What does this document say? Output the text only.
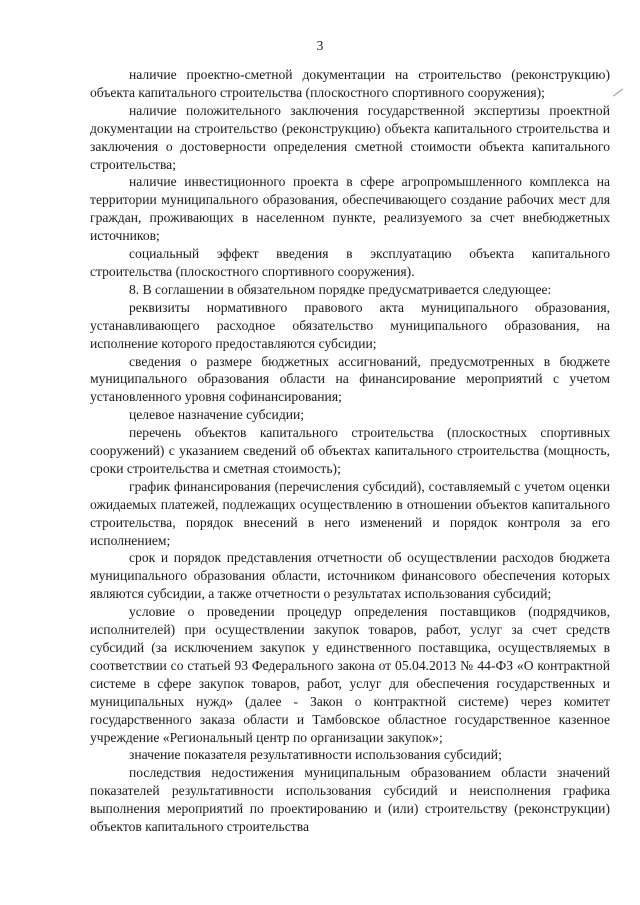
3

наличие проектно-сметной документации на строительство (реконструкцию) объекта капитального строительства (плоскостного спортивного сооружения);

наличие положительного заключения государственной экспертизы проектной документации на строительство (реконструкцию) объекта капитального строительства и заключения о достоверности определения сметной стоимости объекта капитального строительства;

наличие инвестиционного проекта в сфере агропромышленного комплекса на территории муниципального образования, обеспечивающего создание рабочих мест для граждан, проживающих в населенном пункте, реализуемого за счет внебюджетных источников;

социальный эффект введения в эксплуатацию объекта капитального строительства (плоскостного спортивного сооружения).

8. В соглашении в обязательном порядке предусматривается следующее:

реквизиты нормативного правового акта муниципального образования, устанавливающего расходное обязательство муниципального образования, на исполнение которого предоставляются субсидии;

сведения о размере бюджетных ассигнований, предусмотренных в бюджете муниципального образования области на финансирование мероприятий с учетом установленного уровня софинансирования;

целевое назначение субсидии;

перечень объектов капитального строительства (плоскостных спортивных сооружений) с указанием сведений об объектах капитального строительства (мощность, сроки строительства и сметная стоимость);

график финансирования (перечисления субсидий), составляемый с учетом оценки ожидаемых платежей, подлежащих осуществлению в отношении объектов капитального строительства, порядок внесений в него изменений и порядок контроля за его исполнением;

срок и порядок представления отчетности об осуществлении расходов бюджета муниципального образования области, источником финансового обеспечения которых являются субсидии, а также отчетности о результатах использования субсидий;

условие о проведении процедур определения поставщиков (подрядчиков, исполнителей) при осуществлении закупок товаров, работ, услуг за счет средств субсидий (за исключением закупок у единственного поставщика, осуществляемых в соответствии со статьей 93 Федерального закона от 05.04.2013 № 44-ФЗ «О контрактной системе в сфере закупок товаров, работ, услуг для обеспечения государственных и муниципальных нужд» (далее - Закон о контрактной системе) через комитет государственного заказа области и Тамбовское областное государственное казенное учреждение «Региональный центр по организации закупок»;

значение показателя результативности использования субсидий;

последствия недостижения муниципальным образованием области значений показателей результативности использования субсидий и неисполнения графика выполнения мероприятий по проектированию и (или) строительству (реконструкции) объектов капитального строительства
